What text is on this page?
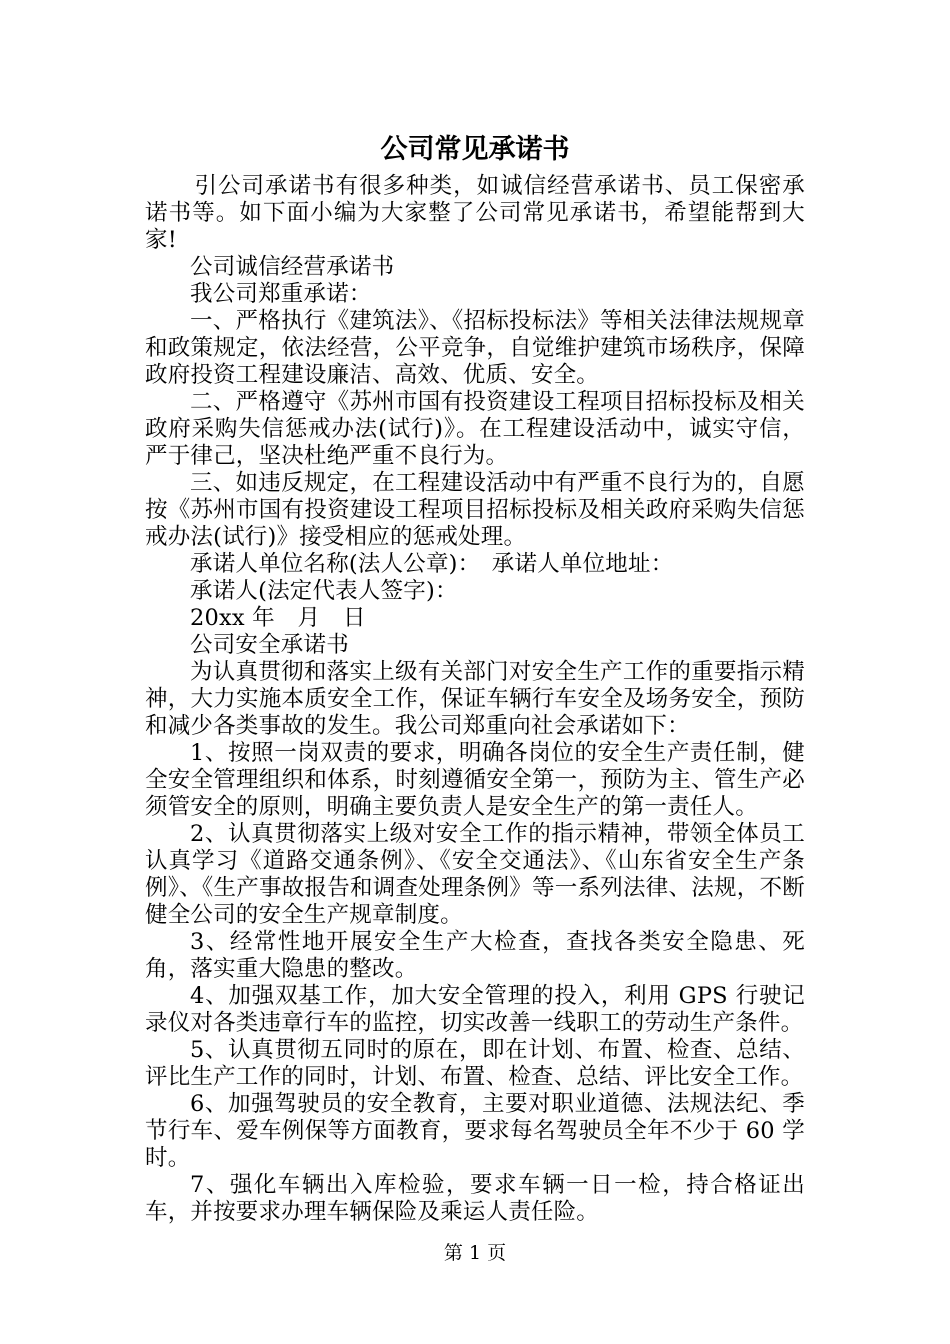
公司常见承诺书

引公司承诺书有很多种类，如诚信经营承诺书、员工保密承诺书等。如下面小编为大家整了公司常见承诺书，希望能帮到大家!

公司诚信经营承诺书

我公司郑重承诺：

一、严格执行《建筑法》、《招标投标法》等相关法律法规规章和政策规定，依法经营，公平竞争，自觉维护建筑市场秩序，保障政府投资工程建设廉洁、高效、优质、安全。

二、严格遵守《苏州市国有投资建设工程项目招标投标及相关政府采购失信惩戒办法(试行)》。在工程建设活动中，诚实守信，严于律己，坚决杜绝严重不良行为。

三、如违反规定，在工程建设活动中有严重不良行为的，自愿按《苏州市国有投资建设工程项目招标投标及相关政府采购失信惩戒办法(试行)》接受相应的惩戒处理。

承诺人单位名称(法人公章)：　承诺人单位地址：

承诺人(法定代表人签字)：

20xx 年　月　日

公司安全承诺书

为认真贯彻和落实上级有关部门对安全生产工作的重要指示精神，大力实施本质安全工作，保证车辆行车安全及场务安全，预防和减少各类事故的发生。我公司郑重向社会承诺如下：

1、按照一岗双责的要求，明确各岗位的安全生产责任制，健全安全管理组织和体系，时刻遵循安全第一，预防为主、管生产必须管安全的原则，明确主要负责人是安全生产的第一责任人。

2、认真贯彻落实上级对安全工作的指示精神，带领全体员工认真学习《道路交通条例》、《安全交通法》、《山东省安全生产条例》、《生产事故报告和调查处理条例》等一系列法律、法规，不断健全公司的安全生产规章制度。

3、经常性地开展安全生产大检查，查找各类安全隐患、死角，落实重大隐患的整改。

4、加强双基工作，加大安全管理的投入，利用 GPS 行驶记录仪对各类违章行车的监控，切实改善一线职工的劳动生产条件。

5、认真贯彻五同时的原在，即在计划、布置、检查、总结、评比生产工作的同时，计划、布置、检查、总结、评比安全工作。

6、加强驾驶员的安全教育，主要对职业道德、法规法纪、季节行车、爱车例保等方面教育，要求每名驾驶员全年不少于 60 学时。

7、强化车辆出入库检验，要求车辆一日一检，持合格证出车，并按要求办理车辆保险及乘运人责任险。

第 1 页
